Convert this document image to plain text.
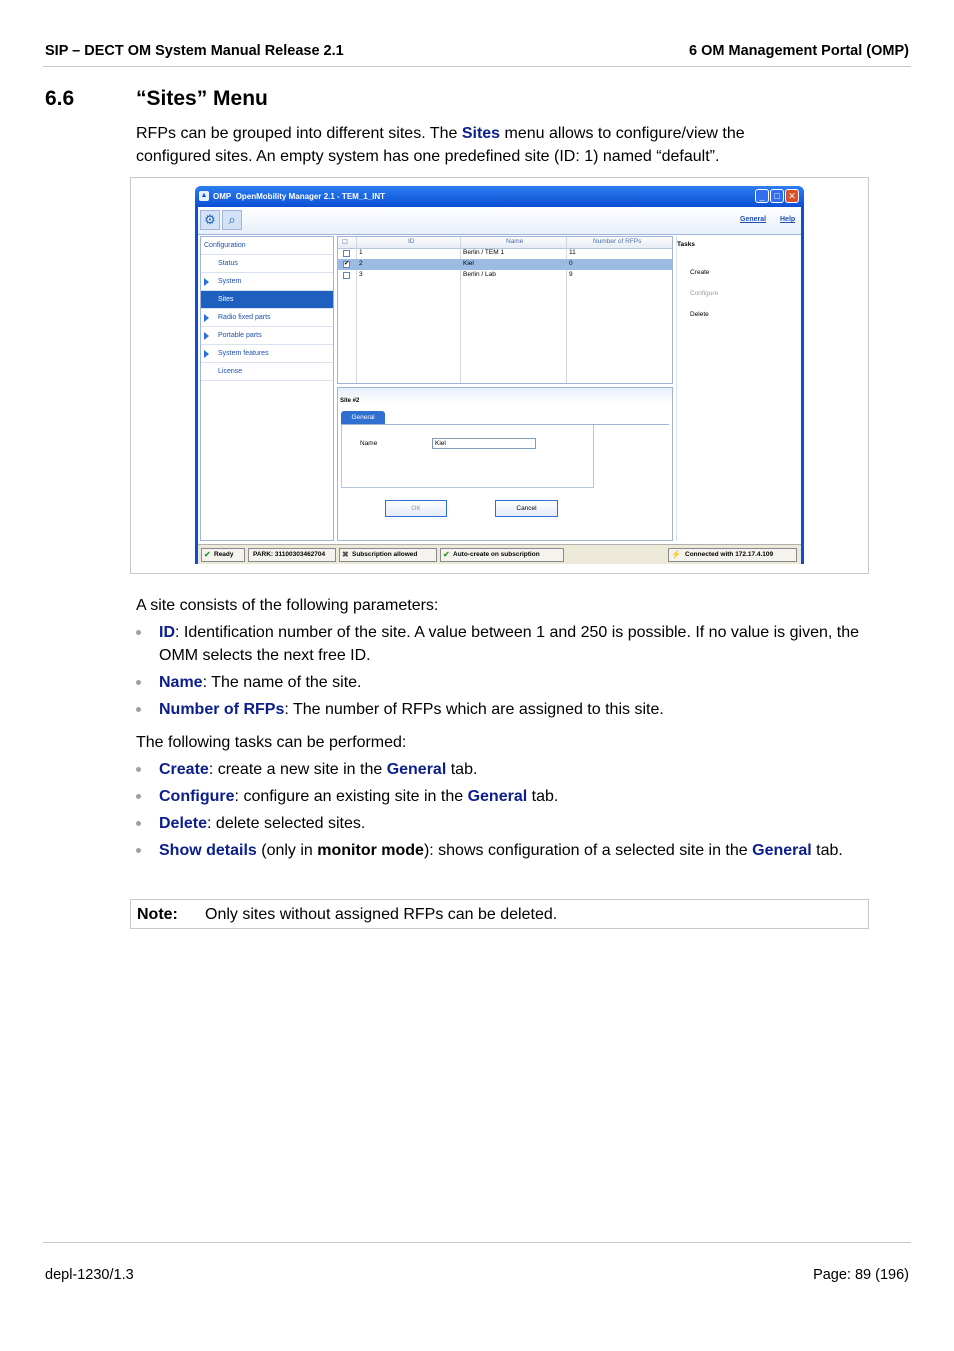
SIP – DECT OM System Manual Release 2.1	6 OM Management Portal (OMP)
6.6	“Sites” Menu
RFPs can be grouped into different sites. The Sites menu allows to configure/view the
configured sites. An empty system has one predefined site (ID: 1) named “default”.
▲ OMP OpenMobility Manager 2.1 - TEM_1_INT	_	□ ✕
⚙ ⌕	General Help
Configuration
Status
System
Sites
Radio fixed parts
Portable parts
System features
License
☐	ID	Name	Number of RFPs
1	Berlin / TEM 1	11
✔ 2	Kiel	0
3	Berlin / Lab	9
Tasks
Create
Configure
Delete
Site #2
General
Name	Kiel
OK	Cancel
✔ Ready	PARK: 31100303462704	✖ Subscription allowed	✔ Auto-create on subscription	⚡ Connected with 172.17.4.109
A site consists of the following parameters:
ID: Identification number of the site. A value between 1 and 250 is possible. If no value is given, the OMM selects the next free ID.
Name: The name of the site.
Number of RFPs: The number of RFPs which are assigned to this site.
The following tasks can be performed:
Create: create a new site in the General tab.
Configure: configure an existing site in the General tab.
Delete: delete selected sites.
Show details (only in monitor mode): shows configuration of a selected site in the General tab.
Note: Only sites without assigned RFPs can be deleted.
depl-1230/1.3	Page: 89 (196)
